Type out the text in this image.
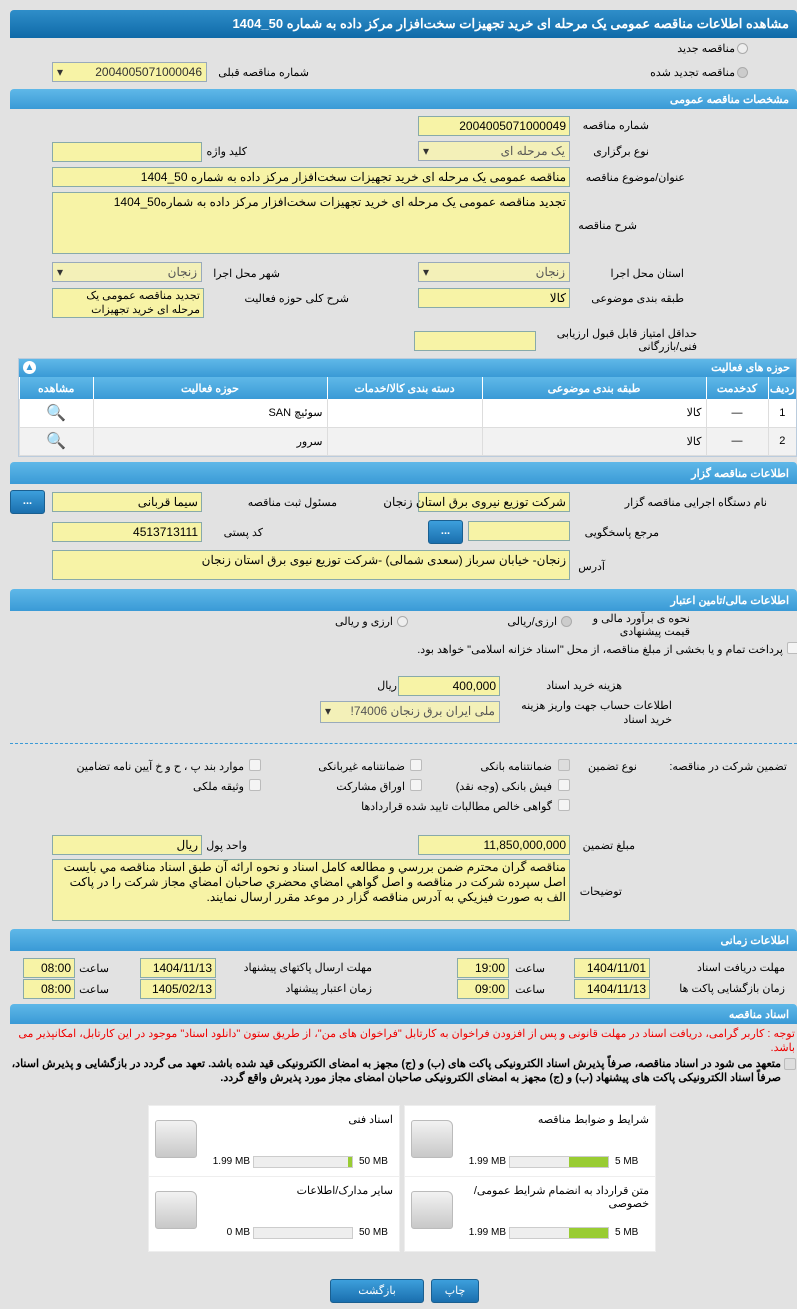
مشاهده اطلاعات مناقصه عمومی یک مرحله ای خرید تجهیزات سخت‌افزار مرکز داده به شماره 50_1404
مناقصه جدید
مناقصه تجدید شده
شماره مناقصه قبلی
2004005071000046
▾
مشخصات مناقصه عمومی
شماره مناقصه
2004005071000049
نوع برگزاری
یک مرحله ای
▾
کلید واژه
عنوان/موضوع مناقصه
مناقصه عمومی یک مرحله ای خرید تجهیزات سخت‌افزار مرکز داده به شماره 50_1404
شرح مناقصه
تجدید مناقصه عمومی یک مرحله ای خرید تجهیزات سخت‌افزار مرکز داده به شماره50_1404
استان محل اجرا
زنجان
▾
شهر محل اجرا
زنجان
▾
طبقه بندی موضوعی
کالا
شرح کلی حوزه فعالیت
تجدید مناقصه عمومی یک مرحله ای خرید تجهیزات
حداقل امتیاز قابل قبول ارزیابی فنی/بازرگانی
حوزه های فعالیت
▲
ردیف	کدخدمت	طبقه بندی موضوعی	دسته بندی کالا/خدمات	حوزه فعالیت	مشاهده
1	—	کالا		سوئیچ SAN	🔍
2	—	کالا		سرور	🔍
اطلاعات مناقصه گزار
نام دستگاه اجرایی مناقصه گزار
شرکت توزیع نیروی برق استان زنجان
مسئول ثبت مناقصه
سیما قربانی
...
مرجع پاسخگویی
...
کد پستی
4513713111
آدرس
زنجان- خیابان سرباز (سعدی شمالی) -شرکت توزیع نیوی برق استان زنجان
اطلاعات مالی/تامین اعتبار
نحوه ی برآورد مالی و قیمت پیشنهادی
ارزی/ریالی
ارزی و ریالی
پرداخت تمام و یا بخشی از مبلغ مناقصه، از محل "اسناد خزانه اسلامی" خواهد بود.
هزینه خرید اسناد
400,000
ریال
اطلاعات حساب جهت واریز هزینه خرید اسناد
ملی ایران برق زنجان 74006!
▾
تضمین شرکت در مناقصه:
نوع تضمین
ضمانتنامه بانکی
ضمانتنامه غیربانکی
موارد بند پ ، ح و خ آیین نامه تضامین
فیش بانکی (وجه نقد)
اوراق مشارکت
وثیقه ملکی
گواهی خالص مطالبات تایید شده قراردادها
مبلغ تضمین
11,850,000,000
واحد پول
ریال
توضیحات
مناقصه گران محترم ضمن بررسي و مطالعه كامل اسناد و نحوه ارائه آن طبق اسناد مناقصه مي بايست اصل سپرده شركت در مناقصه و اصل گواهي امضاي محضري صاحبان امضاي مجاز شركت را در پاكت الف به صورت فيزيكي به آدرس مناقصه گزار در موعد مقرر ارسال نمايند.
اطلاعات زمانی
مهلت دریافت اسناد
1404/11/01
ساعت
19:00
مهلت ارسال پاکتهای پیشنهاد
1404/11/13
ساعت
08:00
زمان بازگشایی پاکت ها
1404/11/13
ساعت
09:00
زمان اعتبار پیشنهاد
1405/02/13
ساعت
08:00
اسناد مناقصه
توجه : کاربر گرامی، دریافت اسناد در مهلت قانونی و پس از افزودن فراخوان به کارتابل "فراخوان های من"، از طریق ستون "دانلود اسناد" موجود در این کارتابل، امکانپذیر می باشد.
متعهد می شود در اسناد مناقصه، صرفاً پذیرش اسناد الکترونیکی پاکت های (ب) و (ج) مجهز به امضای الکترونیکی قید شده باشد. تعهد می گردد در بازگشایی و پذیرش اسناد، صرفاً اسناد الکترونیکی پاکت های پیشنهاد (ب) و (ج) مجهز به امضای الکترونیکی صاحبان امضای مجاز مورد پذیرش واقع گردد.
شرایط و ضوابط مناقصه
5 MB
1.99 MB
اسناد فنی
50 MB
1.99 MB
متن قرارداد به انضمام شرایط عمومی/خصوصی
5 MB
1.99 MB
سایر مدارک/اطلاعات
50 MB
0 MB
بازگشت	چاپ
